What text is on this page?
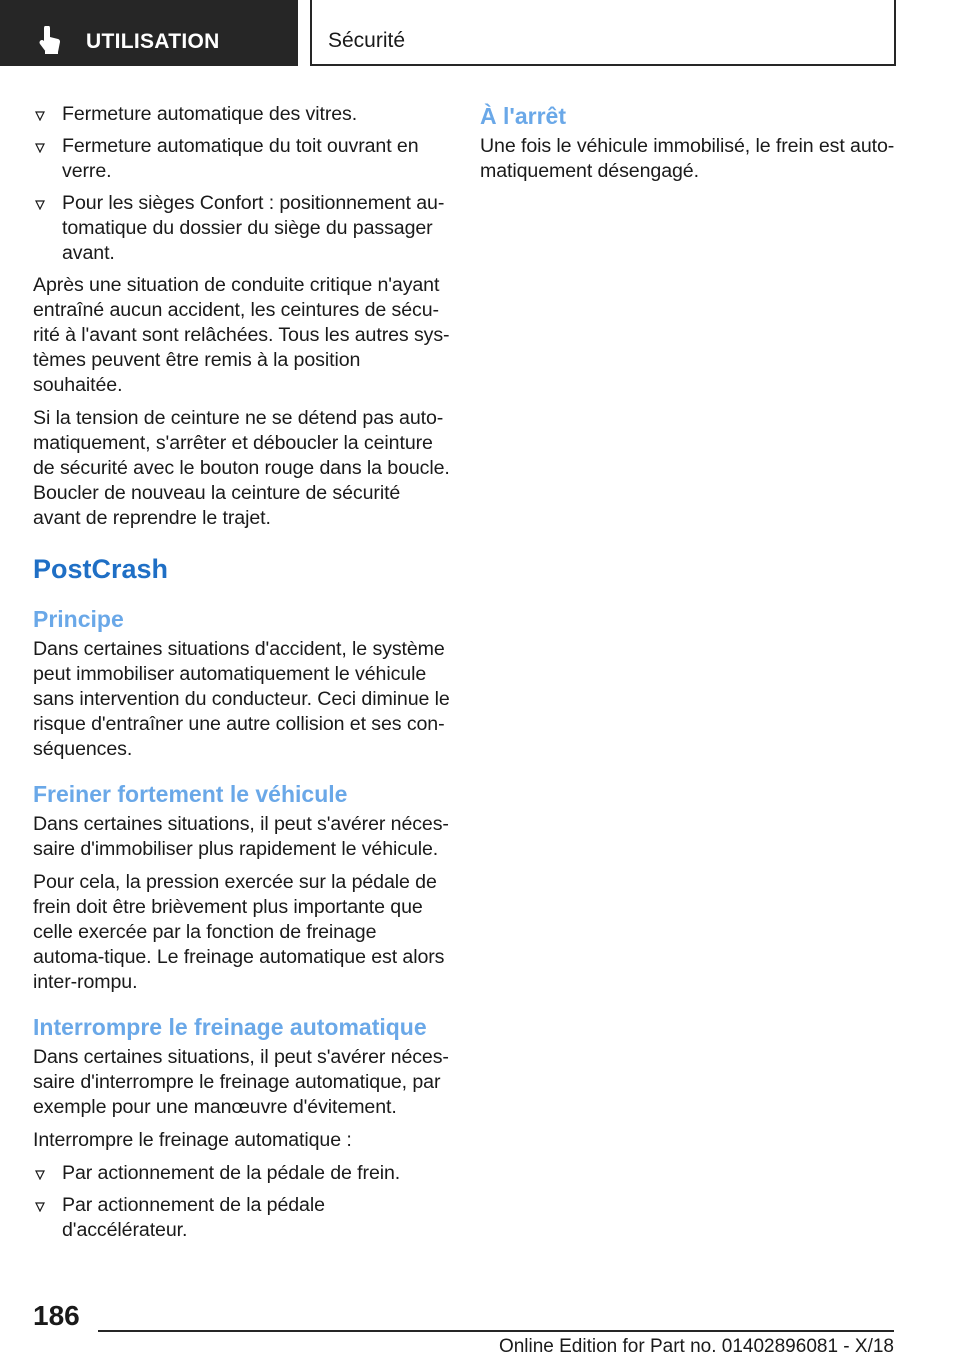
UTILISATION	Sécurité
Fermeture automatique des vitres.
Fermeture automatique du toit ouvrant en verre.
Pour les sièges Confort : positionnement au-tomatique du dossier du siège du passager avant.

Après une situation de conduite critique n'ayant entraîné aucun accident, les ceintures de sécu-rité à l'avant sont relâchées. Tous les autres sys-tèmes peuvent être remis à la position souhaitée.

Si la tension de ceinture ne se détend pas auto-matiquement, s'arrêter et déboucler la ceinture de sécurité avec le bouton rouge dans la boucle. Boucler de nouveau la ceinture de sécurité avant de reprendre le trajet.

PostCrash
Principe

Dans certaines situations d'accident, le système peut immobiliser automatiquement le véhicule sans intervention du conducteur. Ceci diminue le risque d'entraîner une autre collision et ses con-séquences.

Freiner fortement le véhicule

Dans certaines situations, il peut s'avérer néces-saire d'immobiliser plus rapidement le véhicule.

Pour cela, la pression exercée sur la pédale de frein doit être brièvement plus importante que celle exercée par la fonction de freinage automa-tique. Le freinage automatique est alors inter-rompu.

Interrompre le freinage automatique

Dans certaines situations, il peut s'avérer néces-saire d'interrompre le freinage automatique, par exemple pour une manœuvre d'évitement.

Interrompre le freinage automatique :

Par actionnement de la pédale de frein.
Par actionnement de la pédale d'accélérateur.
À l'arrêt

Une fois le véhicule immobilisé, le frein est auto-matiquement désengagé.

186
Online Edition for Part no. 01402896081 - X/18
